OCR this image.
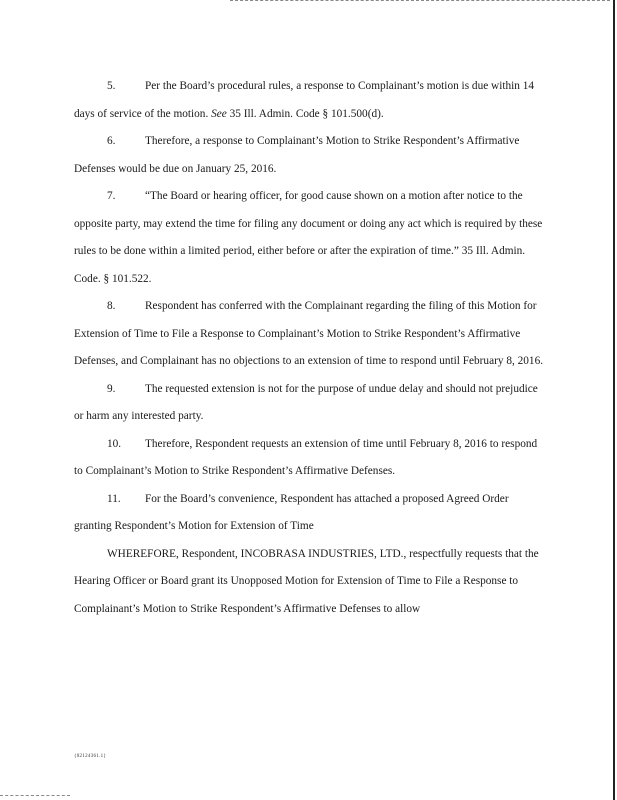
5.	Per the Board’s procedural rules, a response to Complainant’s motion is due within 14 days of service of the motion. See 35 Ill. Admin. Code § 101.500(d).

6.	Therefore, a response to Complainant’s Motion to Strike Respondent’s Affirmative Defenses would be due on January 25, 2016.

7.	“The Board or hearing officer, for good cause shown on a motion after notice to the opposite party, may extend the time for filing any document or doing any act which is required by these rules to be done within a limited period, either before or after the expiration of time.” 35 Ill. Admin. Code. § 101.522.

8.	Respondent has conferred with the Complainant regarding the filing of this Motion for Extension of Time to File a Response to Complainant’s Motion to Strike Respondent’s Affirmative Defenses, and Complainant has no objections to an extension of time to respond until February 8, 2016.

9.	The requested extension is not for the purpose of undue delay and should not prejudice or harm any interested party.

10. Therefore, Respondent requests an extension of time until February 8, 2016 to respond to Complainant’s Motion to Strike Respondent’s Affirmative Defenses.

11. For the Board’s convenience, Respondent has attached a proposed Agreed Order granting Respondent’s Motion for Extension of Time

WHEREFORE, Respondent, INCOBRASA INDUSTRIES, LTD., respectfully requests that the Hearing Officer or Board grant its Unopposed Motion for Extension of Time to File a Response to Complainant’s Motion to Strike Respondent’s Affirmative Defenses to allow

{02124361.1}
